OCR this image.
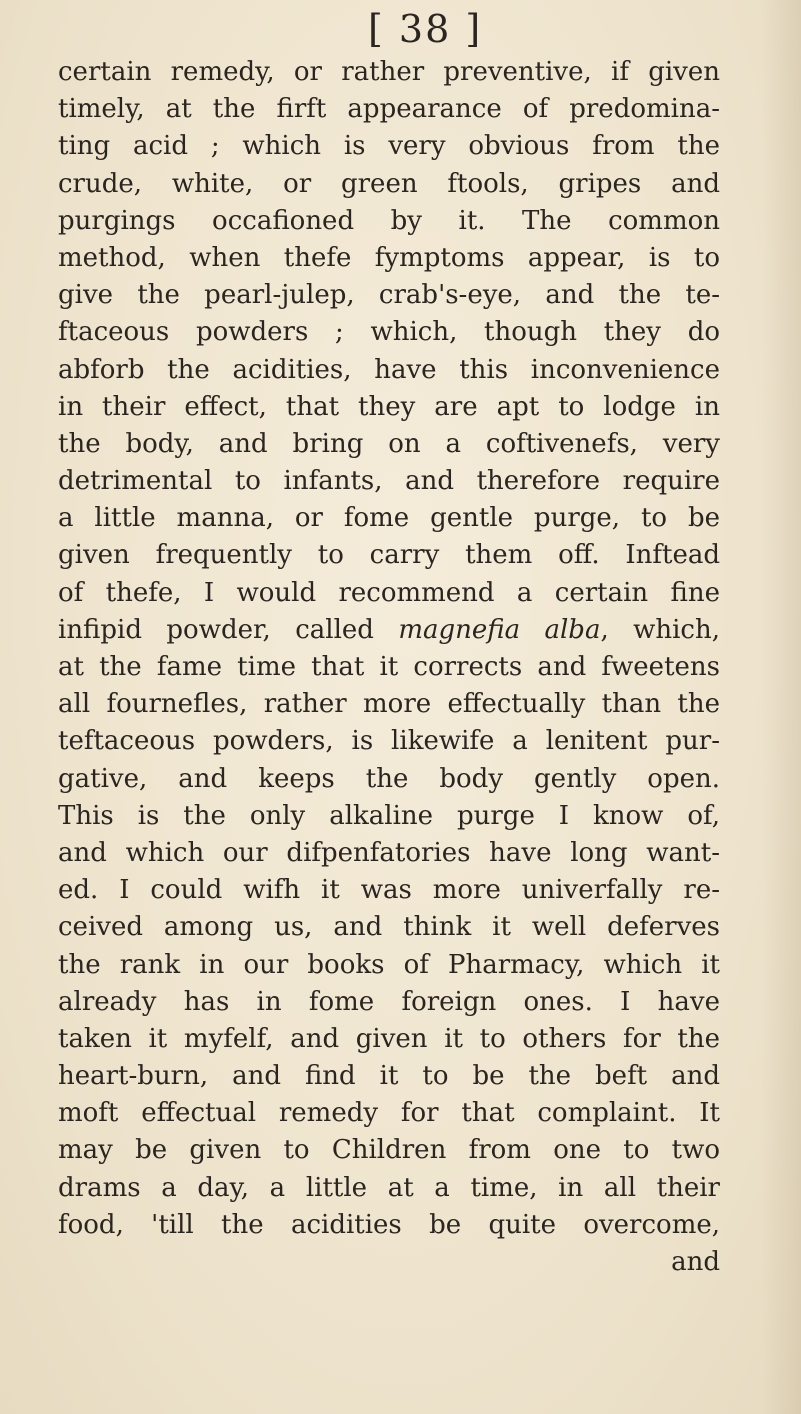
[ 38 ]
certain remedy, or rather preventive, if given
timely, at the firft appearance of predomina-
ting acid ; which is very obvious from the
crude, white, or green ftools, gripes and
purgings occafioned by it. The common
method, when thefe fymptoms appear, is to
give the pearl-julep, crab's-eye, and the te-
ftaceous powders ; which, though they do
abforb the acidities, have this inconvenience
in their effect, that they are apt to lodge in
the body, and bring on a coftivenefs, very
detrimental to infants, and therefore require
a little manna, or fome gentle purge, to be
given frequently to carry them off. Inftead
of thefe, I would recommend a certain fine
infipid powder, called magnefia alba, which,
at the fame time that it corrects and fweetens
all fournefles, rather more effectually than the
teftaceous powders, is likewife a lenitent pur-
gative, and keeps the body gently open.
This is the only alkaline purge I know of,
and which our difpenfatories have long want-
ed. I could wifh it was more univerfally re-
ceived among us, and think it well deferves
the rank in our books of Pharmacy, which it
already has in fome foreign ones. I have
taken it myfelf, and given it to others for the
heart-burn, and find it to be the beft and
moft effectual remedy for that complaint. It
may be given to Children from one to two
drams a day, a little at a time, in all their
food, 'till the acidities be quite overcome,
and
